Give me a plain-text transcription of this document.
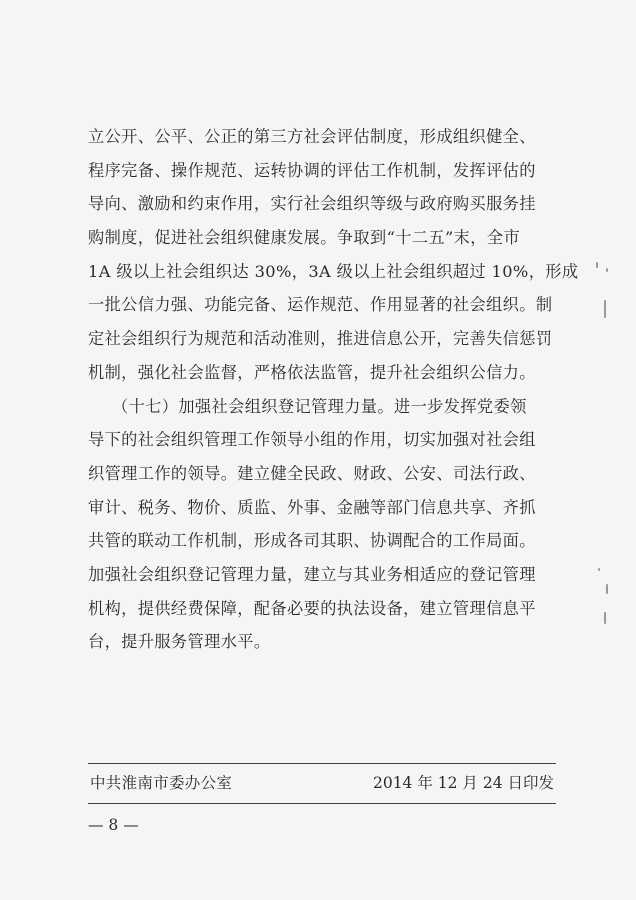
立公开、公平、公正的第三方社会评估制度，形成组织健全、
程序完备、操作规范、运转协调的评估工作机制，发挥评估的
导向、激励和约束作用，实行社会组织等级与政府购买服务挂
购制度，促进社会组织健康发展。争取到“十二五”末，全市
1A 级以上社会组织达 30%，3A 级以上社会组织超过 10%，形成
一批公信力强、功能完备、运作规范、作用显著的社会组织。制
定社会组织行为规范和活动准则，推进信息公开，完善失信惩罚
机制，强化社会监督，严格依法监管，提升社会组织公信力。
（十七）加强社会组织登记管理力量。进一步发挥党委领
导下的社会组织管理工作领导小组的作用，切实加强对社会组
织管理工作的领导。建立健全民政、财政、公安、司法行政、
审计、税务、物价、质监、外事、金融等部门信息共享、齐抓
共管的联动工作机制，形成各司其职、协调配合的工作局面。
加强社会组织登记管理力量，建立与其业务相适应的登记管理
机构，提供经费保障，配备必要的执法设备，建立管理信息平
台，提升服务管理水平。
中共淮南市委办公室	2014 年 12 月 24 日印发
— 8 —
